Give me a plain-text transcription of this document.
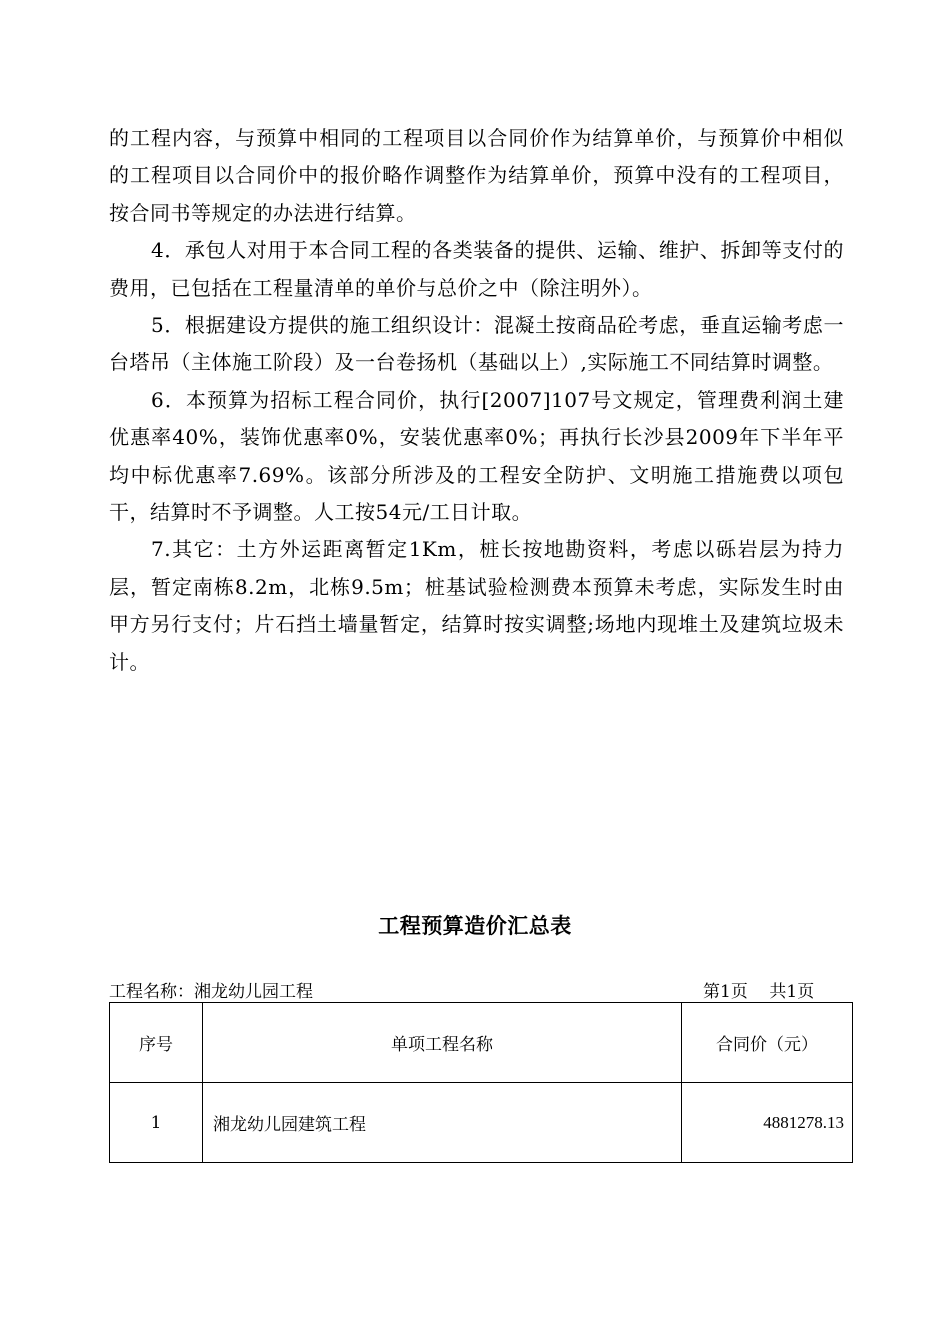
的工程内容，与预算中相同的工程项目以合同价作为结算单价，与预算价中相似的工程项目以合同价中的报价略作调整作为结算单价，预算中没有的工程项目，按合同书等规定的办法进行结算。

4．承包人对用于本合同工程的各类装备的提供、运输、维护、拆卸等支付的费用，已包括在工程量清单的单价与总价之中（除注明外）。

5．根据建设方提供的施工组织设计：混凝土按商品砼考虑，垂直运输考虑一台塔吊（主体施工阶段）及一台卷扬机（基础以上）,实际施工不同结算时调整。

6．本预算为招标工程合同价，执行[2007]107号文规定，管理费利润土建优惠率40%，装饰优惠率0%，安装优惠率0%；再执行长沙县2009年下半年平均中标优惠率7.69%。该部分所涉及的工程安全防护、文明施工措施费以项包干，结算时不予调整。人工按54元/工日计取。

7.其它：土方外运距离暂定1Km，桩长按地勘资料，考虑以砾岩层为持力层，暂定南栋8.2m，北栋9.5m；桩基试验检测费本预算未考虑，实际发生时由甲方另行支付；片石挡土墙量暂定，结算时按实调整;场地内现堆土及建筑垃圾未计。

工程预算造价汇总表
工程名称：湘龙幼儿园工程	第1页    共1页
序号	单项工程名称	合同价（元）
1	湘龙幼儿园建筑工程	4881278.13
